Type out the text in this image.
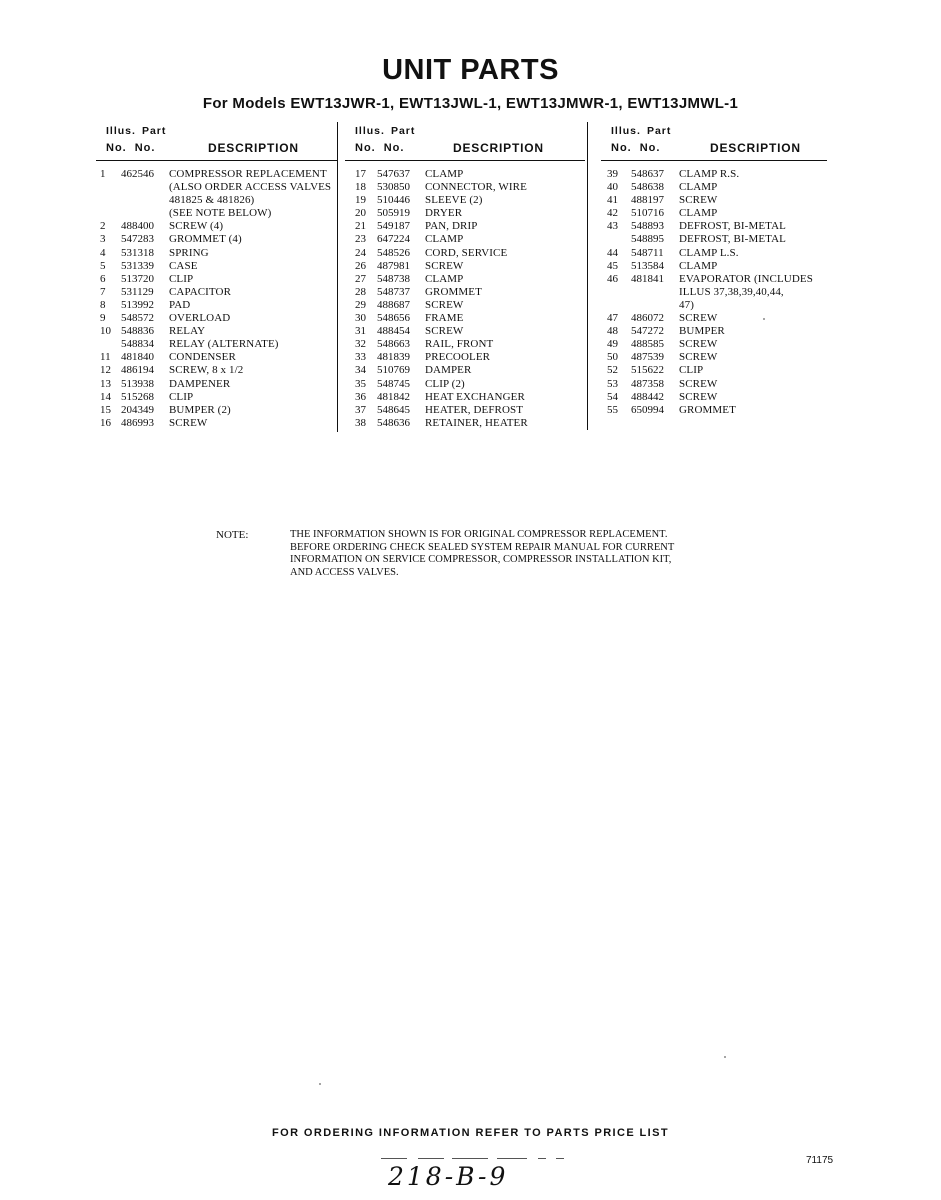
UNIT PARTS
For Models EWT13JWR-1, EWT13JWL-1, EWT13JMWR-1, EWT13JMWL-1
Illus. Part
No. No.	DESCRIPTION
1	462546	COMPRESSOR REPLACEMENT
(ALSO ORDER ACCESS VALVES
481825 & 481826)
(SEE NOTE BELOW)
2	488400	SCREW (4)
3	547283	GROMMET (4)
4	531318	SPRING
5	531339	CASE
6	513720	CLIP
7	531129	CAPACITOR
8	513992	PAD
9	548572	OVERLOAD
10 548836	RELAY
548834	RELAY (ALTERNATE)
11 481840	CONDENSER
12 486194	SCREW, 8 x 1/2
13 513938	DAMPENER
14 515268	CLIP
15 204349	BUMPER (2)
16 486993	SCREW
Illus. Part
No. No.	DESCRIPTION
17	547637	CLAMP
18	530850	CONNECTOR, WIRE
19	510446	SLEEVE (2)
20	505919	DRYER
21	549187	PAN, DRIP
23	647224	CLAMP
24	548526	CORD, SERVICE
26	487981	SCREW
27	548738	CLAMP
28	548737	GROMMET
29	488687	SCREW
30	548656	FRAME
31	488454	SCREW
32	548663	RAIL, FRONT
33	481839	PRECOOLER
34	510769	DAMPER
35	548745	CLIP (2)
36	481842	HEAT EXCHANGER
37	548645	HEATER, DEFROST
38	548636	RETAINER, HEATER
Illus. Part
No. No.	DESCRIPTION
39	548637	CLAMP R.S.
40	548638	CLAMP
41	488197	SCREW
42	510716	CLAMP
43	548893	DEFROST, BI-METAL
548895	DEFROST, BI-METAL
44	548711	CLAMP L.S.
45	513584	CLAMP
46	481841	EVAPORATOR (INCLUDES
ILLUS 37,38,39,40,44,
47)
47	486072	SCREW
48	547272	BUMPER
49	488585	SCREW
50	487539	SCREW
52	515622	CLIP
53	487358	SCREW
54	488442	SCREW
55	650994	GROMMET
NOTE:	THE INFORMATION SHOWN IS FOR ORIGINAL COMPRESSOR REPLACEMENT.
BEFORE ORDERING CHECK SEALED SYSTEM REPAIR MANUAL FOR CURRENT
INFORMATION ON SERVICE COMPRESSOR, COMPRESSOR INSTALLATION KIT,
AND ACCESS VALVES.
FOR ORDERING INFORMATION REFER TO PARTS PRICE LIST
218-B-9
71175
